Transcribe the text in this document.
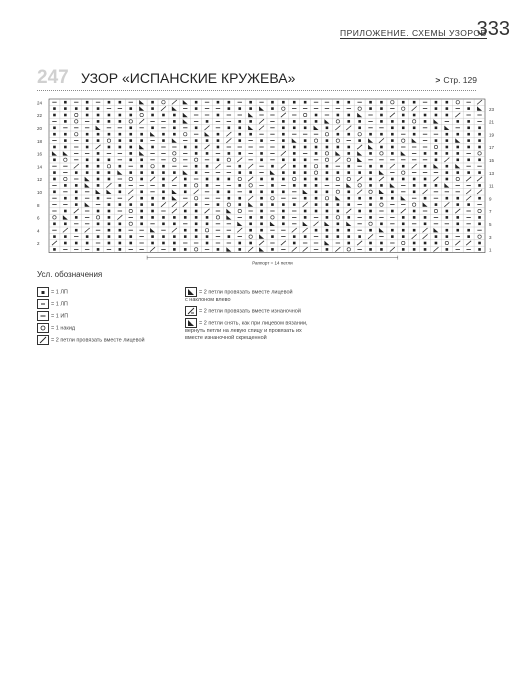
ПРИЛОЖЕНИЕ. СХЕМЫ УЗОРОВ
333
247 УЗОР «ИСПАНСКИЕ КРУЖЕВА»	> Стр. 129
24
22
20
18
16
14
12
10
8
6
4
2
23
21
19
17
15
13
11
9
7
5
3
1
Раппорт = 14 петли
Усл. обозначения
= 1 ЛП
= 1 ЛП
= 1 ИП
= 1 накид
= 2 петли провязать вместе лицевой
= 2 петли провязать вместе лицевой
с наклоном влево
= 2 петли провязать вместе изнаночной
= 2 петли снять, как при лицевом вязании,
вернуть петли на левую спицу и провязать их
вместе изнаночной скрещенной
